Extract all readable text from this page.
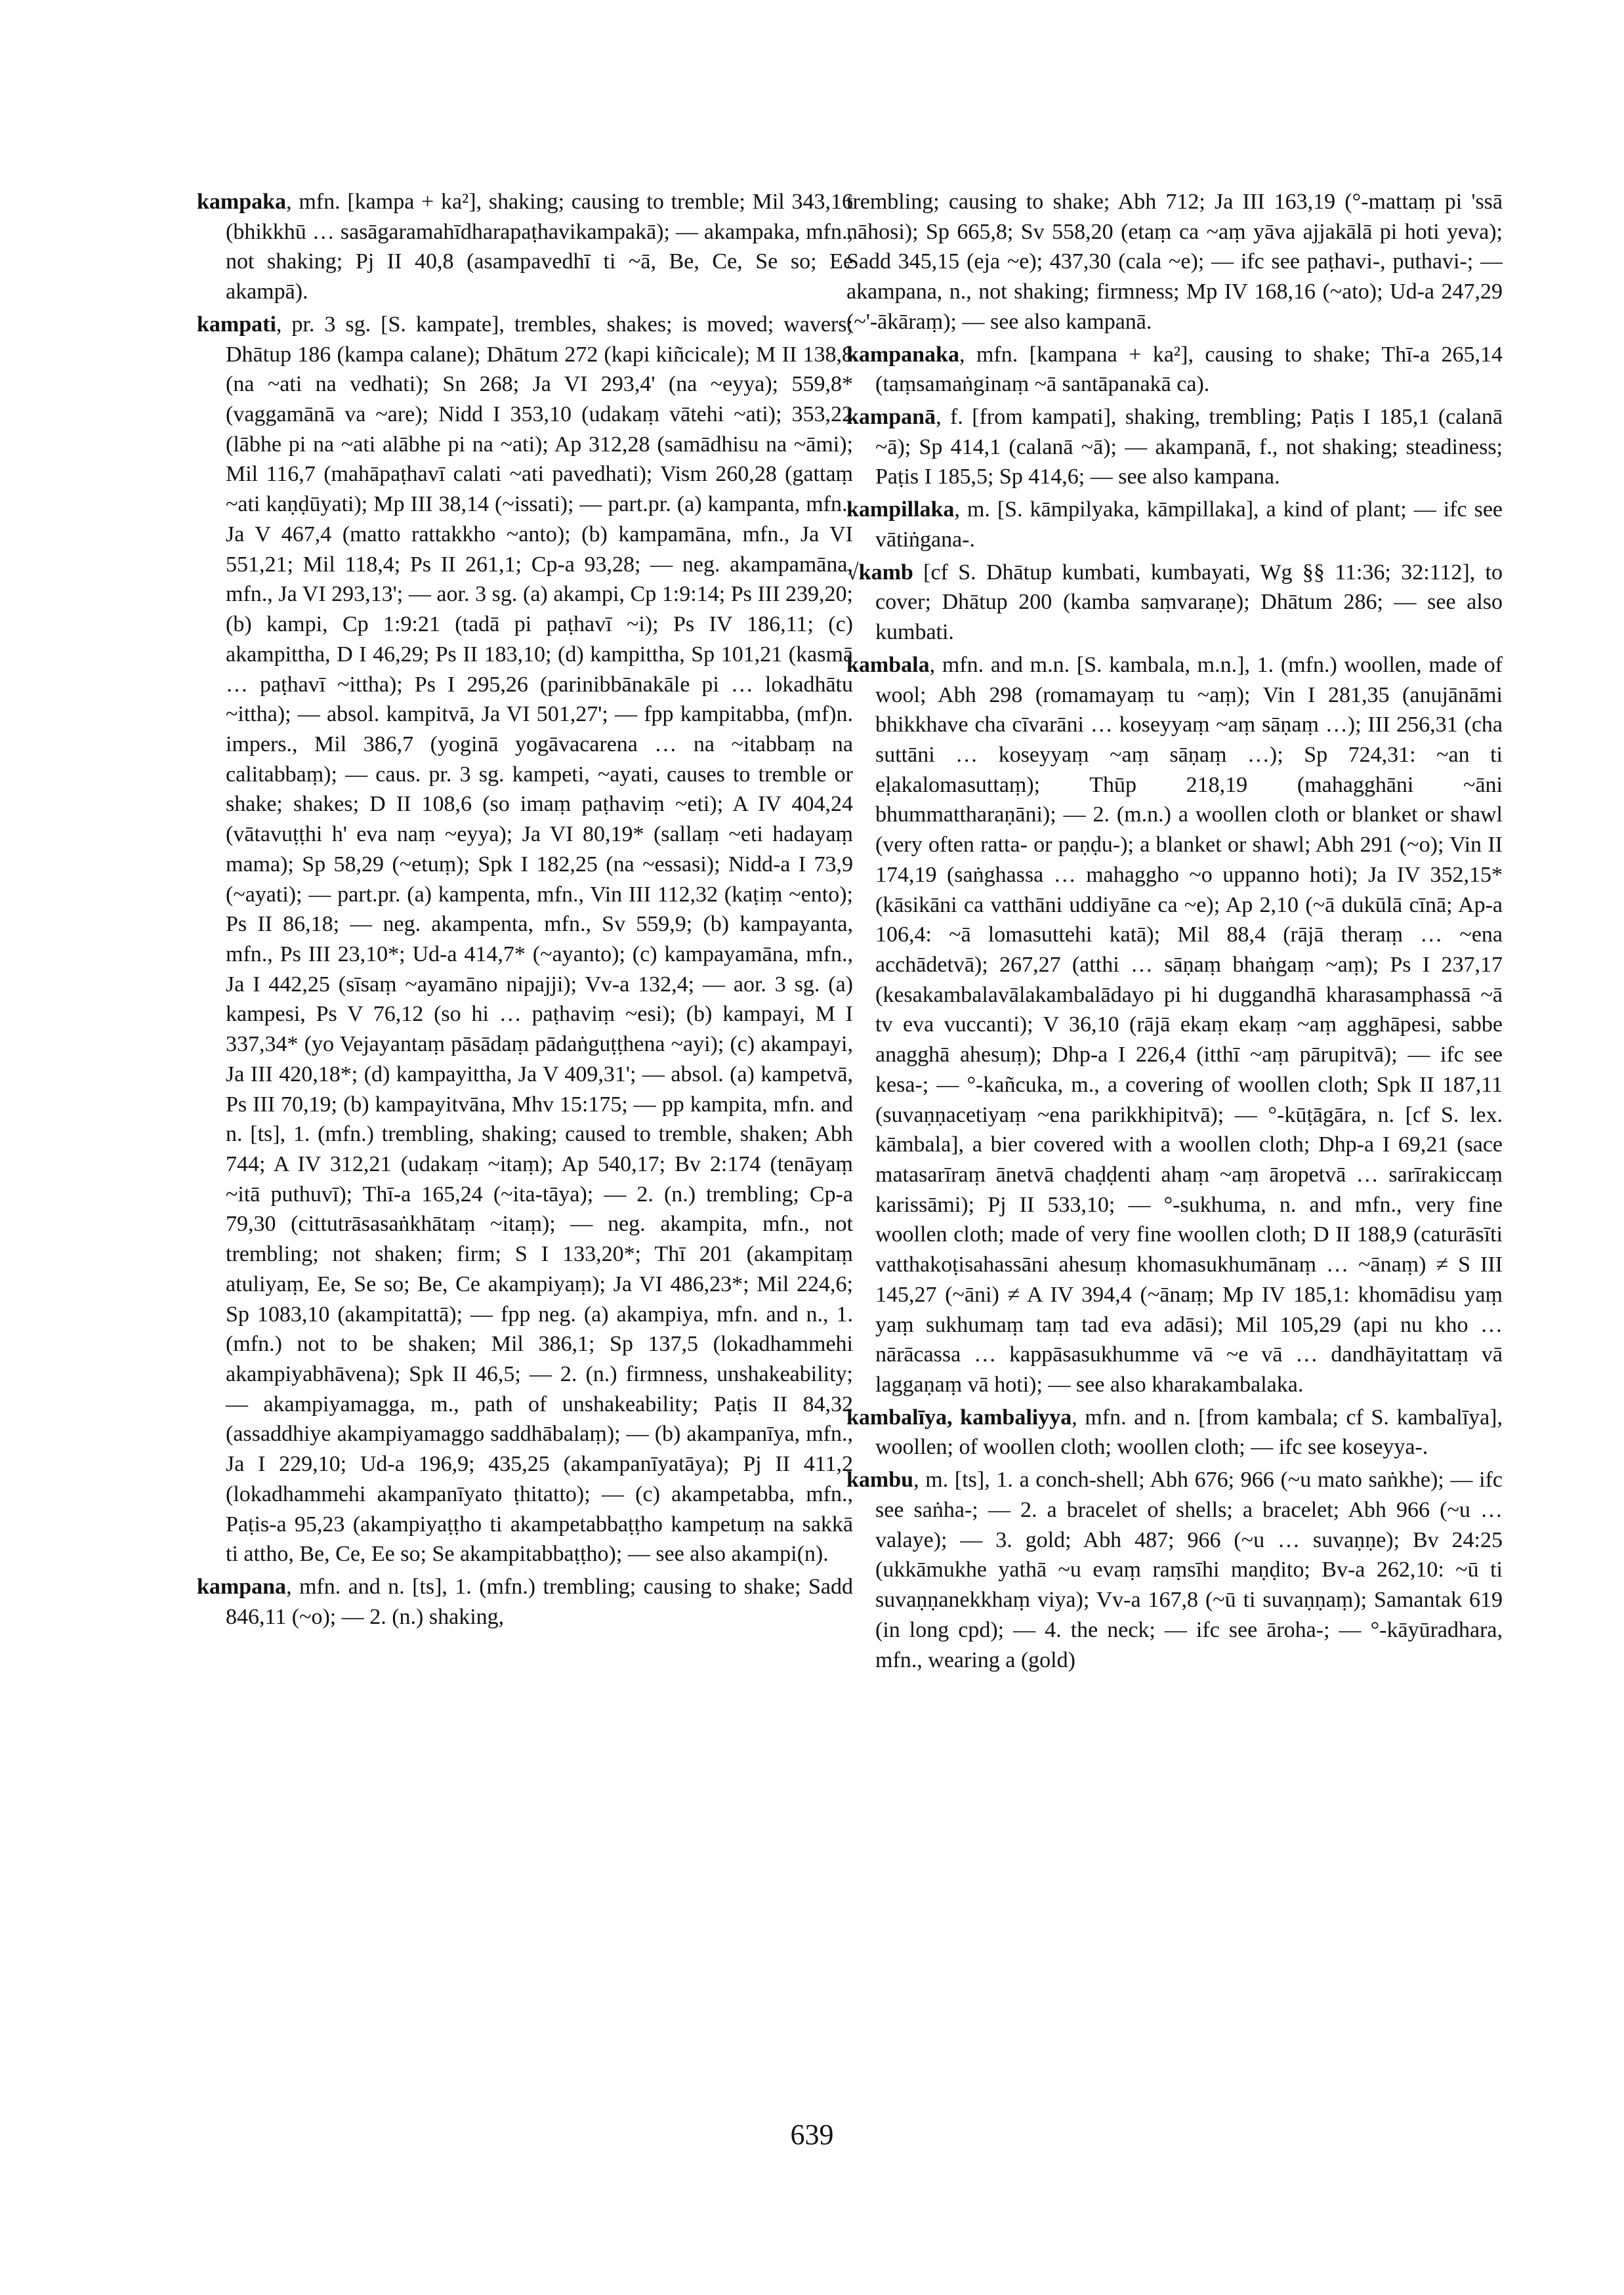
kampaka, mfn. [kampa + ka²], shaking; causing to tremble; Mil 343,16 (bhikkhū … sasāgaramahīdharapaṭhavikampakā); — akampaka, mfn., not shaking; Pj II 40,8 (asampavedhī ti ~ā, Be, Ce, Se so; Ee akampā).

kampati, pr. 3 sg. [S. kampate], trembles, shakes; is moved; wavers; Dhātup 186 (kampa calane); Dhātum 272 (kapi kiñcicale); M II 138,8 (na ~ati na vedhati); Sn 268; Ja VI 293,4' (na ~eyya); 559,8* (vaggamānā va ~are); Nidd I 353,10 (udakaṃ vātehi ~ati); 353,22 (lābhe pi na ~ati alābhe pi na ~ati); Ap 312,28 (samādhisu na ~āmi); Mil 116,7 (mahāpaṭhavī calati ~ati pavedhati); Vism 260,28 (gattaṃ ~ati kaṇḍūyati); Mp III 38,14 (~issati); — part.pr. (a) kampanta, mfn., Ja V 467,4 (matto rattakkho ~anto); (b) kampamāna, mfn., Ja VI 551,21; Mil 118,4; Ps II 261,1; Cp-a 93,28; — neg. akampamāna, mfn., Ja VI 293,13'; — aor. 3 sg. (a) akampi, Cp 1:9:14; Ps III 239,20; (b) kampi, Cp 1:9:21 (tadā pi paṭhavī ~i); Ps IV 186,11; (c) akampittha, D I 46,29; Ps II 183,10; (d) kampittha, Sp 101,21 (kasmā … paṭhavī ~ittha); Ps I 295,26 (parinibbānakāle pi … lokadhātu ~ittha); — absol. kampitvā, Ja VI 501,27'; — fpp kampitabba, (mf)n. impers., Mil 386,7 (yoginā yogāvacarena … na ~itabbaṃ na calitabbaṃ); — caus. pr. 3 sg. kampeti, ~ayati, causes to tremble or shake; shakes; D II 108,6 (so imaṃ paṭhaviṃ ~eti); A IV 404,24 (vātavuṭṭhi h' eva naṃ ~eyya); Ja VI 80,19* (sallaṃ ~eti hadayaṃ mama); Sp 58,29 (~etuṃ); Spk I 182,25 (na ~essasi); Nidd-a I 73,9 (~ayati); — part.pr. (a) kampenta, mfn., Vin III 112,32 (kaṭiṃ ~ento); Ps II 86,18; — neg. akampenta, mfn., Sv 559,9; (b) kampayanta, mfn., Ps III 23,10*; Ud-a 414,7* (~ayanto); (c) kampayamāna, mfn., Ja I 442,25 (sīsaṃ ~ayamāno nipajji); Vv-a 132,4; — aor. 3 sg. (a) kampesi, Ps V 76,12 (so hi … paṭhaviṃ ~esi); (b) kampayi, M I 337,34* (yo Vejayantaṃ pāsādaṃ pādaṅguṭṭhena ~ayi); (c) akampayi, Ja III 420,18*; (d) kampayittha, Ja V 409,31'; — absol. (a) kampetvā, Ps III 70,19; (b) kampayitvāna, Mhv 15:175; — pp kampita, mfn. and n. [ts], 1. (mfn.) trembling, shaking; caused to tremble, shaken; Abh 744; A IV 312,21 (udakaṃ ~itaṃ); Ap 540,17; Bv 2:174 (tenāyaṃ ~itā puthuvī); Thī-a 165,24 (~ita-tāya); — 2. (n.) trembling; Cp-a 79,30 (cittutrāsasaṅkhātaṃ ~itaṃ); — neg. akampita, mfn., not trembling; not shaken; firm; S I 133,20*; Thī 201 (akampitaṃ atuliyaṃ, Ee, Se so; Be, Ce akampiyaṃ); Ja VI 486,23*; Mil 224,6; Sp 1083,10 (akampitattā); — fpp neg. (a) akampiya, mfn. and n., 1. (mfn.) not to be shaken; Mil 386,1; Sp 137,5 (lokadhammehi akampiyabhāvena); Spk II 46,5; — 2. (n.) firmness, unshakeability; — akampiyamagga, m., path of unshakeability; Paṭis II 84,32 (assaddhiye akampiyamaggo saddhābalaṃ); — (b) akampanīya, mfn., Ja I 229,10; Ud-a 196,9; 435,25 (akampanīyatāya); Pj II 411,2 (lokadhammehi akampanīyato ṭhitatto); — (c) akampetabba, mfn., Paṭis-a 95,23 (akampiyaṭṭho ti akampetabbaṭṭho kampetuṃ na sakkā ti attho, Be, Ce, Ee so; Se akampitabbaṭṭho); — see also akampi(n).

kampana, mfn. and n. [ts], 1. (mfn.) trembling; causing to shake; Sadd 846,11 (~o); — 2. (n.) shaking,

trembling; causing to shake; Abh 712; Ja III 163,19 (°-mattaṃ pi 'ssā nāhosi); Sp 665,8; Sv 558,20 (etaṃ ca ~aṃ yāva ajjakālā pi hoti yeva); Sadd 345,15 (eja ~e); 437,30 (cala ~e); — ifc see paṭhavi-, puthavi-; — akampana, n., not shaking; firmness; Mp IV 168,16 (~ato); Ud-a 247,29 (~'-ākāraṃ); — see also kampanā.

kampanaka, mfn. [kampana + ka²], causing to shake; Thī-a 265,14 (taṃsamaṅginaṃ ~ā santāpanakā ca).

kampanā, f. [from kampati], shaking, trembling; Paṭis I 185,1 (calanā ~ā); Sp 414,1 (calanā ~ā); — akampanā, f., not shaking; steadiness; Paṭis I 185,5; Sp 414,6; — see also kampana.

kampillaka, m. [S. kāmpilyaka, kāmpillaka], a kind of plant; — ifc see vātiṅgana-.

√kamb [cf S. Dhātup kumbati, kumbayati, Wg §§ 11:36; 32:112], to cover; Dhātup 200 (kamba saṃvaraṇe); Dhātum 286; — see also kumbati.

kambala, mfn. and m.n. [S. kambala, m.n.], 1. (mfn.) woollen, made of wool; Abh 298 (romamayaṃ tu ~aṃ); Vin I 281,35 (anujānāmi bhikkhave cha cīvarāni … koseyyaṃ ~aṃ sāṇaṃ …); III 256,31 (cha suttāni … koseyyaṃ ~aṃ sāṇaṃ …); Sp 724,31: ~an ti eḷakalomasuttaṃ); Thūp 218,19 (mahagghāni ~āni bhummattharaṇāni); — 2. (m.n.) a woollen cloth or blanket or shawl (very often ratta- or paṇḍu-); a blanket or shawl; Abh 291 (~o); Vin II 174,19 (saṅghassa … mahaggho ~o uppanno hoti); Ja IV 352,15* (kāsikāni ca vatthāni uddiyāne ca ~e); Ap 2,10 (~ā dukūlā cīnā; Ap-a 106,4: ~ā lomasuttehi katā); Mil 88,4 (rājā theraṃ … ~ena acchādetvā); 267,27 (atthi … sāṇaṃ bhaṅgaṃ ~aṃ); Ps I 237,17 (kesakambalavālakambalādayo pi hi duggandhā kharasamphassā ~ā tv eva vuccanti); V 36,10 (rājā ekaṃ ekaṃ ~aṃ agghāpesi, sabbe anagghā ahesuṃ); Dhp-a I 226,4 (itthī ~aṃ pārupitvā); — ifc see kesa-; — °-kañcuka, m., a covering of woollen cloth; Spk II 187,11 (suvaṇṇacetiyaṃ ~ena parikkhipitvā); — °-kūṭāgāra, n. [cf S. lex. kāmbala], a bier covered with a woollen cloth; Dhp-a I 69,21 (sace matasarīraṃ ānetvā chaḍḍenti ahaṃ ~aṃ āropetvā … sarīrakiccaṃ karissāmi); Pj II 533,10; — °-sukhuma, n. and mfn., very fine woollen cloth; made of very fine woollen cloth; D II 188,9 (caturāsīti vatthakoṭisahassāni ahesuṃ khomasukhumānaṃ … ~ānaṃ) ≠ S III 145,27 (~āni) ≠ A IV 394,4 (~ānaṃ; Mp IV 185,1: khomādisu yaṃ yaṃ sukhumaṃ taṃ tad eva adāsi); Mil 105,29 (api nu kho … nārācassa … kappāsasukhumme vā ~e vā … dandhāyitattaṃ vā laggaṇaṃ vā hoti); — see also kharakambalaka.

kambalīya, kambaliyya, mfn. and n. [from kambala; cf S. kambalīya], woollen; of woollen cloth; woollen cloth; — ifc see koseyya-.

kambu, m. [ts], 1. a conch-shell; Abh 676; 966 (~u mato saṅkhe); — ifc see saṅha-; — 2. a bracelet of shells; a bracelet; Abh 966 (~u … valaye); — 3. gold; Abh 487; 966 (~u … suvaṇṇe); Bv 24:25 (ukkāmukhe yathā ~u evaṃ raṃsīhi maṇḍito; Bv-a 262,10: ~ū ti suvaṇṇanekkhaṃ viya); Vv-a 167,8 (~ū ti suvaṇṇaṃ); Samantak 619 (in long cpd); — 4. the neck; — ifc see āroha-; — °-kāyūradhara, mfn., wearing a (gold)

639
